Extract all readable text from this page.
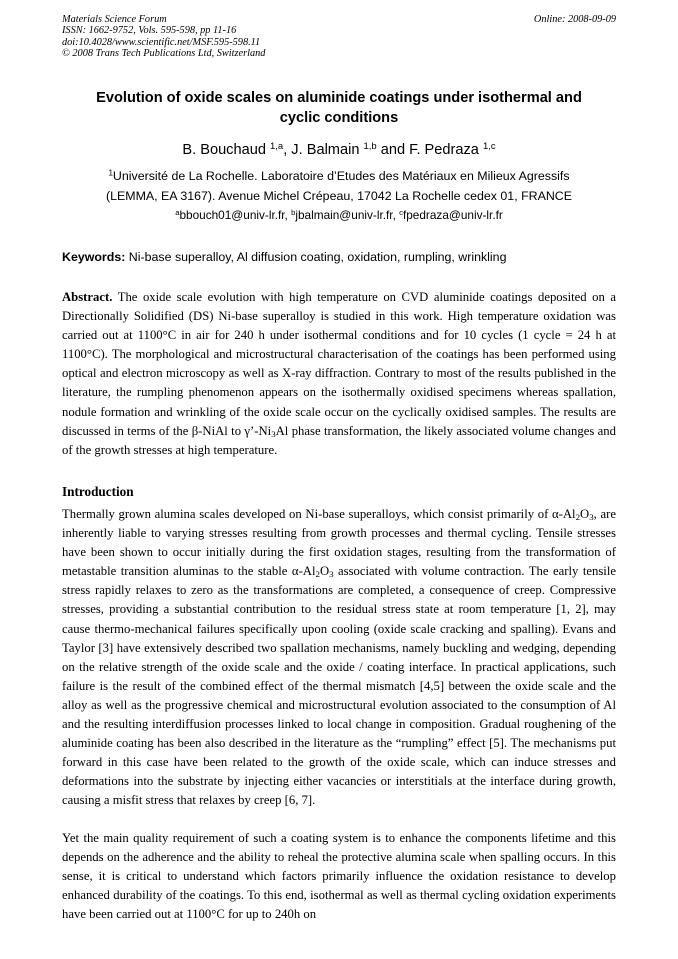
Materials Science Forum
ISSN: 1662-9752, Vols. 595-598, pp 11-16
doi:10.4028/www.scientific.net/MSF.595-598.11
© 2008 Trans Tech Publications Ltd, Switzerland
Online: 2008-09-09
Evolution of oxide scales on aluminide coatings under isothermal and
cyclic conditions
B. Bouchaud $^{1,a}$, J. Balmain $^{1,b}$ and F. Pedraza $^{1,c}$
$^1$Université de La Rochelle. Laboratoire d’Etudes des Matériaux en Milieux Agressifs
(LEMMA, EA 3167). Avenue Michel Crépeau, 17042 La Rochelle cedex 01, FRANCE
$^a$bbouch01@univ-lr.fr, $^b$jbalmain@univ-lr.fr, $^c$fpedraza@univ-lr.fr
Keywords: Ni-base superalloy, Al diffusion coating, oxidation, rumpling, wrinkling

Abstract. The oxide scale evolution with high temperature on CVD aluminide coatings deposited on a Directionally Solidified (DS) Ni-base superalloy is studied in this work. High temperature oxidation was carried out at 1100°C in air for 240 h under isothermal conditions and for 10 cycles (1 cycle = 24 h at 1100°C). The morphological and microstructural characterisation of the coatings has been performed using optical and electron microscopy as well as X-ray diffraction. Contrary to most of the results published in the literature, the rumpling phenomenon appears on the isothermally oxidised specimens whereas spallation, nodule formation and wrinkling of the oxide scale occur on the cyclically oxidised samples. The results are discussed in terms of the β-NiAl to $\gamma’-Ni_3Al$ phase transformation, the likely associated volume changes and of the growth stresses at high temperature.

Introduction

Thermally grown alumina scales developed on Ni-base superalloys, which consist primarily of $\alpha-Al_2O_3$, are inherently liable to varying stresses resulting from growth processes and thermal cycling. Tensile stresses have been shown to occur initially during the first oxidation stages, resulting from the transformation of metastable transition aluminas to the stable $\alpha-Al_2O_3$ associated with volume contraction. The early tensile stress rapidly relaxes to zero as the transformations are completed, a consequence of creep. Compressive stresses, providing a substantial contribution to the residual stress state at room temperature [1, 2], may cause thermo-mechanical failures specifically upon cooling (oxide scale cracking and spalling). Evans and Taylor [3] have extensively described two spallation mechanisms, namely buckling and wedging, depending on the relative strength of the oxide scale and the oxide / coating interface. In practical applications, such failure is the result of the combined effect of the thermal mismatch [4,5] between the oxide scale and the alloy as well as the progressive chemical and microstructural evolution associated to the consumption of Al and the resulting interdiffusion processes linked to local change in composition. Gradual roughening of the aluminide coating has been also described in the literature as the “rumpling” effect [5]. The mechanisms put forward in this case have been related to the growth of the oxide scale, which can induce stresses and deformations into the substrate by injecting either vacancies or interstitials at the interface during growth, causing a misfit stress that relaxes by creep [6, 7].

Yet the main quality requirement of such a coating system is to enhance the components lifetime and this depends on the adherence and the ability to reheal the protective alumina scale when spalling occurs. In this sense, it is critical to understand which factors primarily influence the oxidation resistance to develop enhanced durability of the coatings. To this end, isothermal as well as thermal cycling oxidation experiments have been carried out at 1100°C for up to 240h on
